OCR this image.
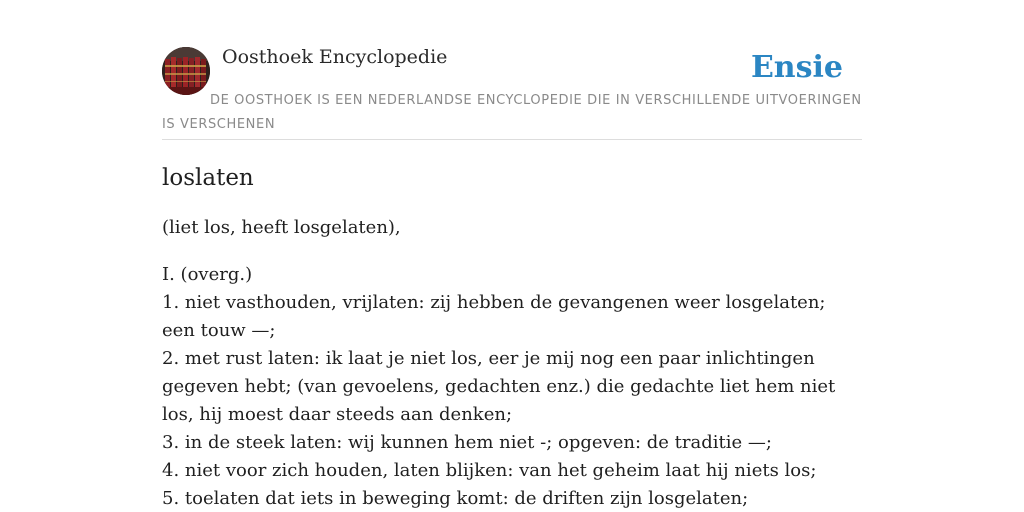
Oosthoek Encyclopedie	Ensie
DE OOSTHOEK IS EEN NEDERLANDSE ENCYCLOPEDIE DIE IN VERSCHILLENDE UITVOERINGEN IS VERSCHENEN
loslaten

(liet los, heeft losgelaten),

I. (overg.)
1. niet vasthouden, vrijlaten: zij hebben de gevangenen weer losgelaten; een touw —;
2. met rust laten: ik laat je niet los, eer je mij nog een paar inlichtingen gegeven hebt; (van gevoelens, gedachten enz.) die gedachte liet hem niet los, hij moest daar steeds aan denken;
3. in de steek laten: wij kunnen hem niet -; opgeven: de traditie —;
4. niet voor zich houden, laten blijken: van het geheim laat hij niets los;
5. toelaten dat iets in beweging komt: de driften zijn losgelaten;
